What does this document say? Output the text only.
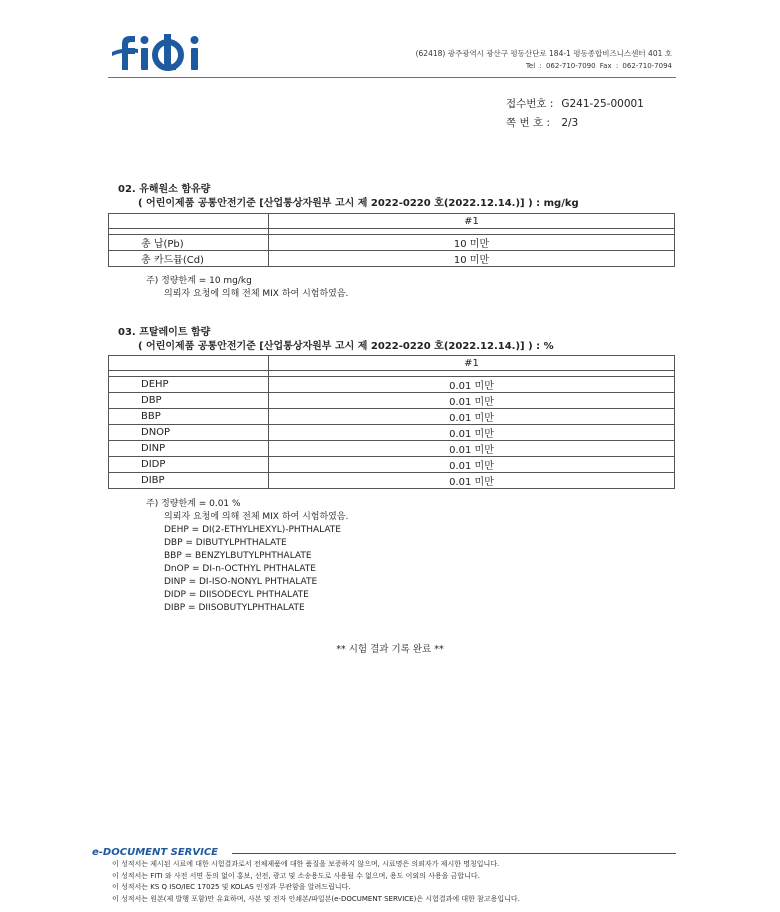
(62418) 광주광역시 광산구 평동산단로 184-1 평동종합비즈니스센터 401 호
Tel : 062-710-7090 Fax : 062-710-7094
접수번호 : G241-25-00001
쪽 번 호 : 2/3
02. 유해원소 함유량
( 어린이제품 공통안전기준 [산업통상자원부 고시 제 2022-0220 호(2022.12.14.)] ) : mg/kg
	#1

총 납(Pb)	10 미만
총 카드뮴(Cd)	10 미만
주) 정량한계 = 10 mg/kg
의뢰자 요청에 의해 전체 MIX 하여 시험하였음.
03. 프탈레이트 함량
( 어린이제품 공통안전기준 [산업통상자원부 고시 제 2022-0220 호(2022.12.14.)] ) : %
	#1

DEHP	0.01 미만
DBP	0.01 미만
BBP	0.01 미만
DNOP	0.01 미만
DINP	0.01 미만
DIDP	0.01 미만
DIBP	0.01 미만
주) 정량한계 = 0.01 %
의뢰자 요청에 의해 전체 MIX 하여 시험하였음.
DEHP = DI(2-ETHYLHEXYL)-PHTHALATE
DBP = DIBUTYLPHTHALATE
BBP = BENZYLBUTYLPHTHALATE
DnOP = DI-n-OCTHYL PHTHALATE
DINP = DI-ISO-NONYL PHTHALATE
DIDP = DIISODECYL PHTHALATE
DIBP = DIISOBUTYLPHTHALATE
** 시험 결과 기록 완료 **
e-DOCUMENT SERVICE
이 성적서는 제시된 시료에 대한 시험결과로서 전체제품에 대한 품질을 보증하지 않으며, 시료명은 의뢰자가 제시한 명칭입니다.
이 성적서는 FITI 와 사전 서면 동의 없이 홍보, 선전, 광고 및 소송용도로 사용될 수 없으며, 용도 이외의 사용을 금합니다.
이 성적서는 KS Q ISO/IEC 17025 및 KOLAS 인정과 무관함을 알려드립니다.
이 성적서는 원본(제 발행 포함)만 유효하며, 사본 및 전자 인쇄본/파일본(e-DOCUMENT SERVICE)은 시험결과에 대한 참고용입니다.
